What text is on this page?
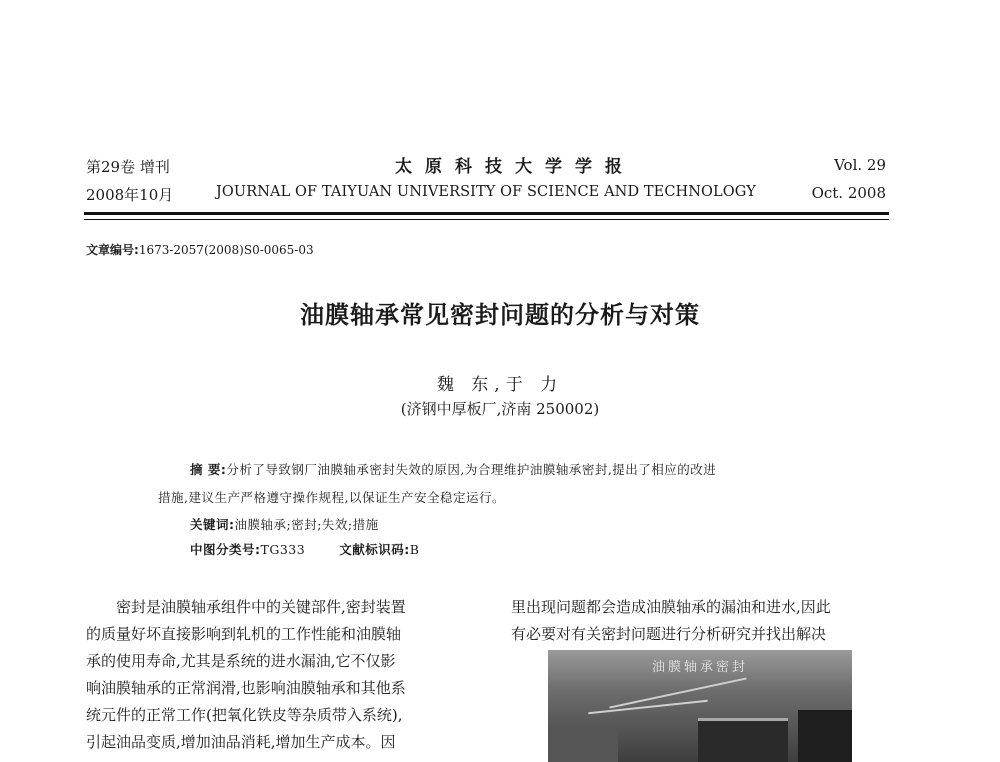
第29卷 增刊
2008年10月
太原科技大学学报
JOURNAL OF TAIYUAN UNIVERSITY OF SCIENCE AND TECHNOLOGY
Vol. 29
Oct. 2008
文章编号:1673-2057(2008)S0-0065-03
油膜轴承常见密封问题的分析与对策
魏 东,于 力
(济钢中厚板厂,济南 250002)
摘 要:分析了导致钢厂油膜轴承密封失效的原因,为合理维护油膜轴承密封,提出了相应的改进
措施,建议生产严格遵守操作规程,以保证生产安全稳定运行。
关键词:油膜轴承;密封;失效;措施
中图分类号:TG333	文献标识码:B
密封是油膜轴承组件中的关键部件,密封装置
的质量好坏直接影响到轧机的工作性能和油膜轴
承的使用寿命,尤其是系统的进水漏油,它不仅影
响油膜轴承的正常润滑,也影响油膜轴承和其他系
统元件的正常工作(把氧化铁皮等杂质带入系统),
引起油品变质,增加油品消耗,增加生产成本。因
里出现问题都会造成油膜轴承的漏油和进水,因此
有必要对有关密封问题进行分析研究并找出解决
油膜轴承密封
